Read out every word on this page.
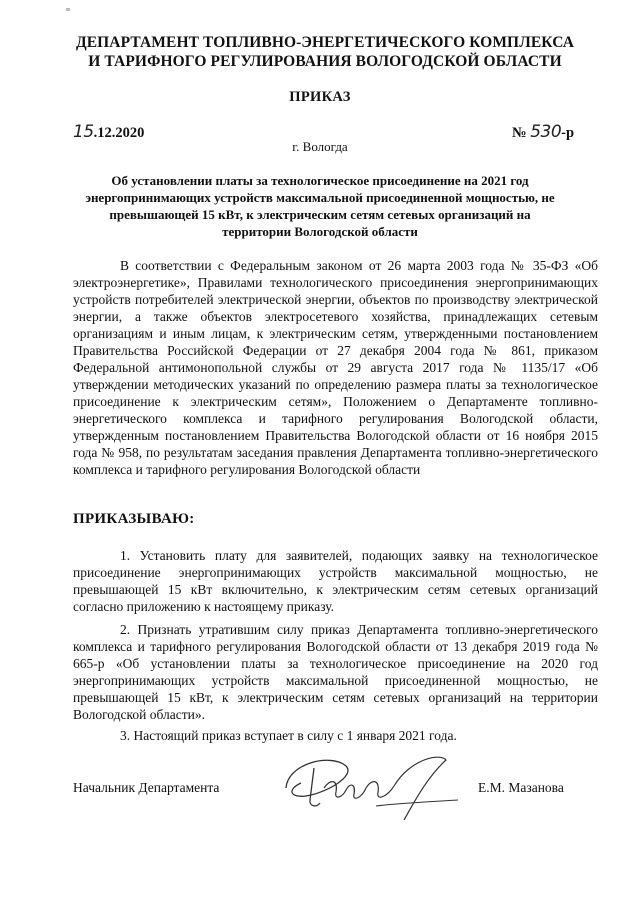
ДЕПАРТАМЕНТ ТОПЛИВНО-ЭНЕРГЕТИЧЕСКОГО КОМПЛЕКСА
И ТАРИФНОГО РЕГУЛИРОВАНИЯ ВОЛОГОДСКОЙ ОБЛАСТИ
ПРИКАЗ
15.12.2020	№ 530-р
г. Вологда
Об установлении платы за технологическое присоединение на 2021 год энергопринимающих устройств максимальной присоединенной мощностью, не превышающей 15 кВт, к электрическим сетям сетевых организаций на территории Вологодской области
В соответствии с Федеральным законом от 26 марта 2003 года № 35-ФЗ «Об электроэнергетике», Правилами технологического присоединения энергопринимающих устройств потребителей электрической энергии, объектов по производству электрической энергии, а также объектов электросетевого хозяйства, принадлежащих сетевым организациям и иным лицам, к электрическим сетям, утвержденными постановлением Правительства Российской Федерации от 27 декабря 2004 года № 861, приказом Федеральной антимонопольной службы от 29 августа 2017 года № 1135/17 «Об утверждении методических указаний по определению размера платы за технологическое присоединение к электрическим сетям», Положением о Департаменте топливно-энергетического комплекса и тарифного регулирования Вологодской области, утвержденным постановлением Правительства Вологодской области от 16 ноября 2015 года № 958, по результатам заседания правления Департамента топливно-энергетического комплекса и тарифного регулирования Вологодской области
ПРИКАЗЫВАЮ:
1. Установить плату для заявителей, подающих заявку на технологическое присоединение энергопринимающих устройств максимальной мощностью, не превышающей 15 кВт включительно, к электрическим сетям сетевых организаций согласно приложению к настоящему приказу.
2. Признать утратившим силу приказ Департамента топливно-энергетического комплекса и тарифного регулирования Вологодской области от 13 декабря 2019 года № 665-р «Об установлении платы за технологическое присоединение на 2020 год энергопринимающих устройств максимальной присоединенной мощностью, не превышающей 15 кВт, к электрическим сетям сетевых организаций на территории Вологодской области».
3. Настоящий приказ вступает в силу с 1 января 2021 года.
Начальник Департамента	Е.М. Мазанова
